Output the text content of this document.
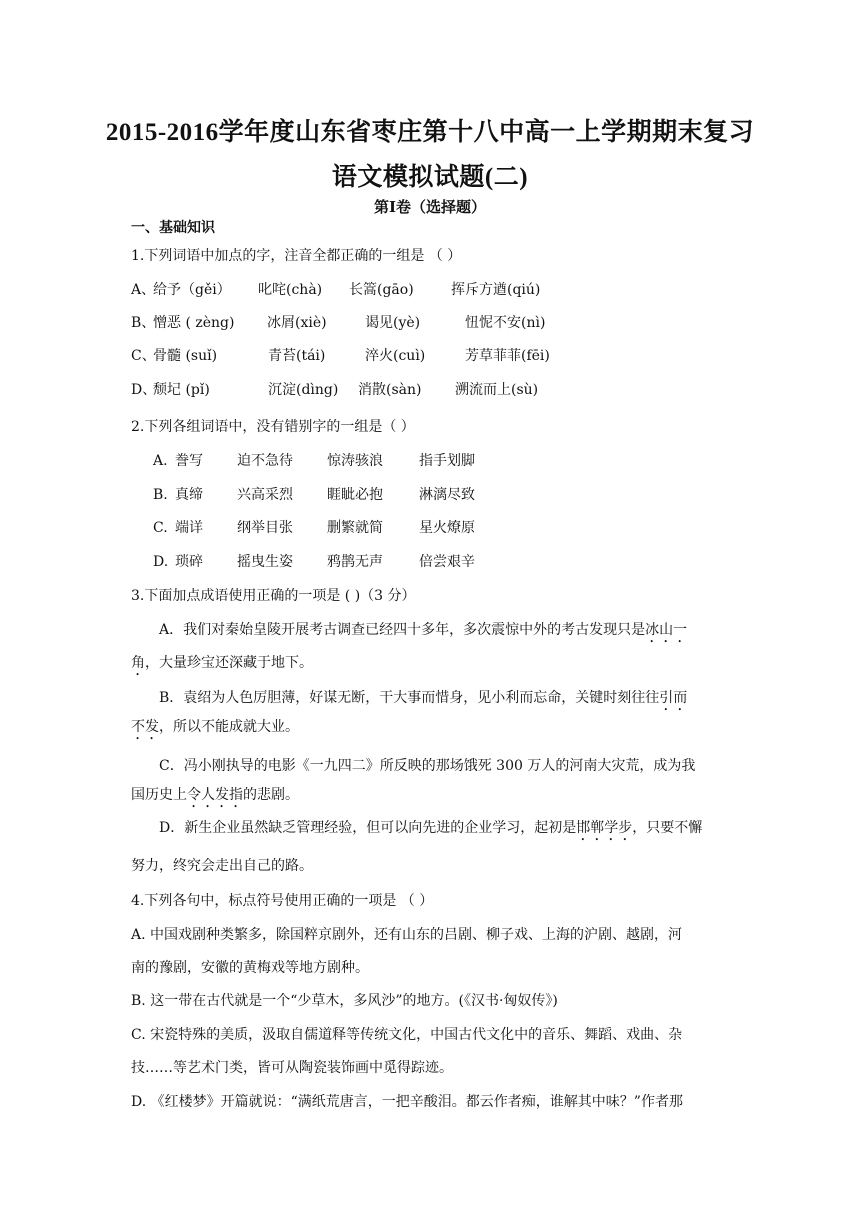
2015-2016学年度山东省枣庄第十八中高一上学期期末复习
语文模拟试题(二)
第Ⅰ卷（选择题）
一、基础知识
1.下列词语中加点的字，注音全都正确的一组是 （ ）
A、
给予（gěi） 叱咤(chà) 长篙(gāo)	挥斥方遒(qiú)
B、
憎恶 ( zèng) 冰屑(xiè)	谒见(yè)	忸怩不安(nì)
C、
骨髓 (suǐ)	青苔(tái)	淬火(cuì)	芳草菲菲(fēi)
D、
颓圮 (pǐ)	沉淀(dìng) 消散(sàn) 溯流而上(sù)
2.下列各组词语中，没有错别字的一组是（ ）
A. 誊写 迫不急待 惊涛骇浪	指手划脚
B. 真缔 兴高采烈 睚眦必抱	淋漓尽致
C. 端详 纲举目张 删繁就简	星火燎原
D. 琐碎 摇曳生姿 鸦鹊无声	倍尝艰辛
3.下面加点成语使用正确的一项是 ( )（3 分）
A．我们对秦始皇陵开展考古调查已经四十多年，多次震惊中外的考古发现只是冰山一
角，大量珍宝还深藏于地下。
B．袁绍为人色厉胆薄，好谋无断，干大事而惜身，见小利而忘命，关键时刻往往引而
不发，所以不能成就大业。
C．冯小刚执导的电影《一九四二》所反映的那场饿死 300 万人的河南大灾荒，成为我
国历史上令人发指的悲剧。
D．新生企业虽然缺乏管理经验，但可以向先进的企业学习，起初是邯郸学步，只要不懈
努力，终究会走出自己的路。
4.下列各句中，标点符号使用正确的一项是 （ ）
A. 中国戏剧种类繁多，除国粹京剧外，还有山东的吕剧、柳子戏、上海的沪剧、越剧，河
南的豫剧，安徽的黄梅戏等地方剧种。
B. 这一带在古代就是一个“少草木，多风沙”的地方。(《汉书·匈奴传》)
C. 宋瓷特殊的美质，汲取自儒道释等传统文化，中国古代文化中的音乐、舞蹈、戏曲、杂
技……等艺术门类，皆可从陶瓷装饰画中觅得踪迹。
D. 《红楼梦》开篇就说：“满纸荒唐言，一把辛酸泪。都云作者痴，谁解其中味？”作者那
